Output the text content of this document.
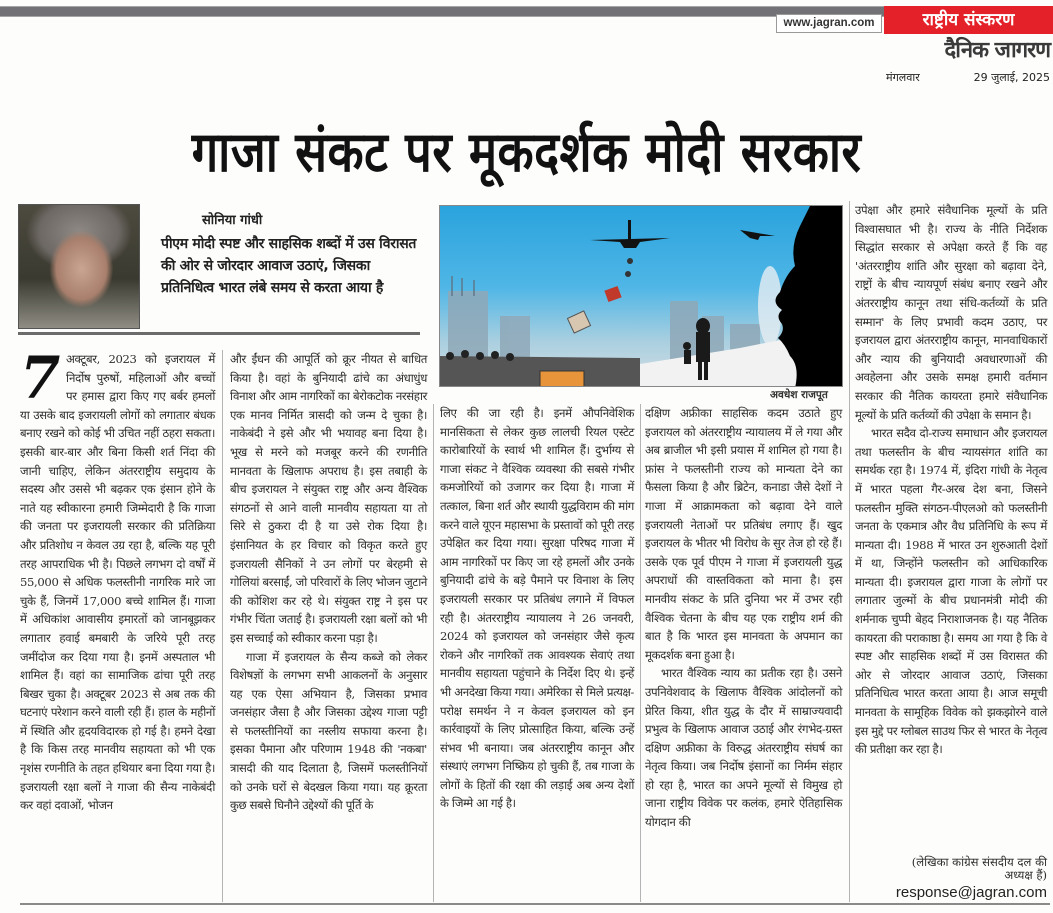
www.jagran.com	राष्ट्रीय संस्करण
दैनिक जागरण
मंगलवार	29 जुलाई, 2025
गाजा संकट पर मूकदर्शक मोदी सरकार
सोनिया गांधी
पीएम मोदी स्पष्ट और साहसिक शब्दों में उस विरासत की ओर से जोरदार आवाज उठाएं, जिसका प्रतिनिधित्व भारत लंबे समय से करता आया है
7 अक्टूबर, 2023 को इजरायल में निर्दोष पुरुषों, महिलाओं और बच्चों पर हमास द्वारा किए गए बर्बर हमलों या उसके बाद इजरायली लोगों को लगातार बंधक बनाए रखने को कोई भी उचित नहीं ठहरा सकता। इसकी बार-बार और बिना किसी शर्त निंदा की जानी चाहिए, लेकिन अंतरराष्ट्रीय समुदाय के सदस्य और उससे भी बढ़कर एक इंसान होने के नाते यह स्वीकारना हमारी जिम्मेदारी है कि गाजा की जनता पर इजरायली सरकार की प्रतिक्रिया और प्रतिशोध न केवल उग्र रहा है, बल्कि यह पूरी तरह आपराधिक भी है। पिछले लगभग दो वर्षों में 55,000 से अधिक फलस्तीनी नागरिक मारे जा चुके हैं, जिनमें 17,000 बच्चे शामिल हैं। गाजा में अधिकांश आवासीय इमारतों को जानबूझकर लगातार हवाई बमबारी के जरिये पूरी तरह जमींदोज कर दिया गया है। इनमें अस्पताल भी शामिल हैं। वहां का सामाजिक ढांचा पूरी तरह बिखर चुका है। अक्टूबर 2023 से अब तक की घटनाएं परेशान करने वाली रही हैं। हाल के महीनों में स्थिति और हृदयविदारक हो गई है। हमने देखा है कि किस तरह मानवीय सहायता को भी एक नृशंस रणनीति के तहत हथियार बना दिया गया है। इजरायली रक्षा बलों ने गाजा की सैन्य नाकेबंदी कर वहां दवाओं, भोजन

और ईंधन की आपूर्ति को क्रूर नीयत से बाधित किया है। वहां के बुनियादी ढांचे का अंधाधुंध विनाश और आम नागरिकों का बेरोकटोक नरसंहार एक मानव निर्मित त्रासदी को जन्म दे चुका है। नाकेबंदी ने इसे और भी भयावह बना दिया है। भूख से मरने को मजबूर करने की रणनीति मानवता के खिलाफ अपराध है। इस तबाही के बीच इजरायल ने संयुक्त राष्ट्र और अन्य वैश्विक संगठनों से आने वाली मानवीय सहायता या तो सिरे से ठुकरा दी है या उसे रोक दिया है। इंसानियत के हर विचार को विकृत करते हुए इजरायली सैनिकों ने उन लोगों पर बेरहमी से गोलियां बरसाईं, जो परिवारों के लिए भोजन जुटाने की कोशिश कर रहे थे। संयुक्त राष्ट्र ने इस पर गंभीर चिंता जताई है। इजरायली रक्षा बलों को भी इस सच्चाई को स्वीकार करना पड़ा है।

गाजा में इजरायल के सैन्य कब्जे को लेकर विशेषज्ञों के लगभग सभी आकलनों के अनुसार यह एक ऐसा अभियान है, जिसका प्रभाव जनसंहार जैसा है और जिसका उद्देश्य गाजा पट्टी से फलस्तीनियों का नस्लीय सफाया करना है। इसका पैमाना और परिणाम 1948 की 'नकबा' त्रासदी की याद दिलाता है, जिसमें फलस्तीनियों को उनके घरों से बेदखल किया गया। यह क्रूरता कुछ सबसे घिनौने उद्देश्यों की पूर्ति के

अवधेश राजपूत

लिए की जा रही है। इनमें औपनिवेशिक मानसिकता से लेकर कुछ लालची रियल एस्टेट कारोबारियों के स्वार्थ भी शामिल हैं। दुर्भाग्य से गाजा संकट ने वैश्विक व्यवस्था की सबसे गंभीर कमजोरियों को उजागर कर दिया है। गाजा में तत्काल, बिना शर्त और स्थायी युद्धविराम की मांग करने वाले यूएन महासभा के प्रस्तावों को पूरी तरह उपेक्षित कर दिया गया। सुरक्षा परिषद गाजा में आम नागरिकों पर किए जा रहे हमलों और उनके बुनियादी ढांचे के बड़े पैमाने पर विनाश के लिए इजरायली सरकार पर प्रतिबंध लगाने में विफल रही है। अंतरराष्ट्रीय न्यायालय ने 26 जनवरी, 2024 को इजरायल को जनसंहार जैसे कृत्य रोकने और नागरिकों तक आवश्यक सेवाएं तथा मानवीय सहायता पहुंचाने के निर्देश दिए थे। इन्हें भी अनदेखा किया गया। अमेरिका से मिले प्रत्यक्ष-परोक्ष समर्थन ने न केवल इजरायल को इन कार्रवाइयों के लिए प्रोत्साहित किया, बल्कि उन्हें संभव भी बनाया। जब अंतरराष्ट्रीय कानून और संस्थाएं लगभग निष्क्रिय हो चुकी हैं, तब गाजा के लोगों के हितों की रक्षा की लड़ाई अब अन्य देशों के जिम्मे आ गई है।

दक्षिण अफ्रीका साहसिक कदम उठाते हुए इजरायल को अंतरराष्ट्रीय न्यायालय में ले गया और अब ब्राजील भी इसी प्रयास में शामिल हो गया है। फ्रांस ने फलस्तीनी राज्य को मान्यता देने का फैसला किया है और ब्रिटेन, कनाडा जैसे देशों ने गाजा में आक्रामकता को बढ़ावा देने वाले इजरायली नेताओं पर प्रतिबंध लगाए हैं। खुद इजरायल के भीतर भी विरोध के सुर तेज हो रहे हैं। उसके एक पूर्व पीएम ने गाजा में इजरायली युद्ध अपराधों की वास्तविकता को माना है। इस मानवीय संकट के प्रति दुनिया भर में उभर रही वैश्विक चेतना के बीच यह एक राष्ट्रीय शर्म की बात है कि भारत इस मानवता के अपमान का मूकदर्शक बना हुआ है।

भारत वैश्विक न्याय का प्रतीक रहा है। उसने उपनिवेशवाद के खिलाफ वैश्विक आंदोलनों को प्रेरित किया, शीत युद्ध के दौर में साम्राज्यवादी प्रभुत्व के खिलाफ आवाज उठाई और रंगभेद-ग्रस्त दक्षिण अफ्रीका के विरुद्ध अंतरराष्ट्रीय संघर्ष का नेतृत्व किया। जब निर्दोष इंसानों का निर्मम संहार हो रहा है, भारत का अपने मूल्यों से विमुख हो जाना राष्ट्रीय विवेक पर कलंक, हमारे ऐतिहासिक योगदान की

उपेक्षा और हमारे संवैधानिक मूल्यों के प्रति विश्वासघात भी है। राज्य के नीति निर्देशक सिद्धांत सरकार से अपेक्षा करते हैं कि वह 'अंतरराष्ट्रीय शांति और सुरक्षा को बढ़ावा देने, राष्ट्रों के बीच न्यायपूर्ण संबंध बनाए रखने और अंतरराष्ट्रीय कानून तथा संधि-कर्तव्यों के प्रति सम्मान' के लिए प्रभावी कदम उठाए, पर इजरायल द्वारा अंतरराष्ट्रीय कानून, मानवाधिकारों और न्याय की बुनियादी अवधारणाओं की अवहेलना और उसके समक्ष हमारी वर्तमान सरकार की नैतिक कायरता हमारे संवैधानिक मूल्यों के प्रति कर्तव्यों की उपेक्षा के समान है।

भारत सदैव दो-राज्य समाधान और इजरायल तथा फलस्तीन के बीच न्यायसंगत शांति का समर्थक रहा है। 1974 में, इंदिरा गांधी के नेतृत्व में भारत पहला गैर-अरब देश बना, जिसने फलस्तीन मुक्ति संगठन-पीएलओ को फलस्तीनी जनता के एकमात्र और वैध प्रतिनिधि के रूप में मान्यता दी। 1988 में भारत उन शुरुआती देशों में था, जिन्होंने फलस्तीन को आधिकारिक मान्यता दी। इजरायल द्वारा गाजा के लोगों पर लगातार जुल्मों के बीच प्रधानमंत्री मोदी की शर्मनाक चुप्पी बेहद निराशाजनक है। यह नैतिक कायरता की पराकाष्ठा है। समय आ गया है कि वे स्पष्ट और साहसिक शब्दों में उस विरासत की ओर से जोरदार आवाज उठाएं, जिसका प्रतिनिधित्व भारत करता आया है। आज समूची मानवता के सामूहिक विवेक को झकझोरने वाले इस मुद्दे पर ग्लोबल साउथ फिर से भारत के नेतृत्व की प्रतीक्षा कर रहा है।

(लेखिका कांग्रेस संसदीय दल की
अध्यक्ष हैं)
response@jagran.com
